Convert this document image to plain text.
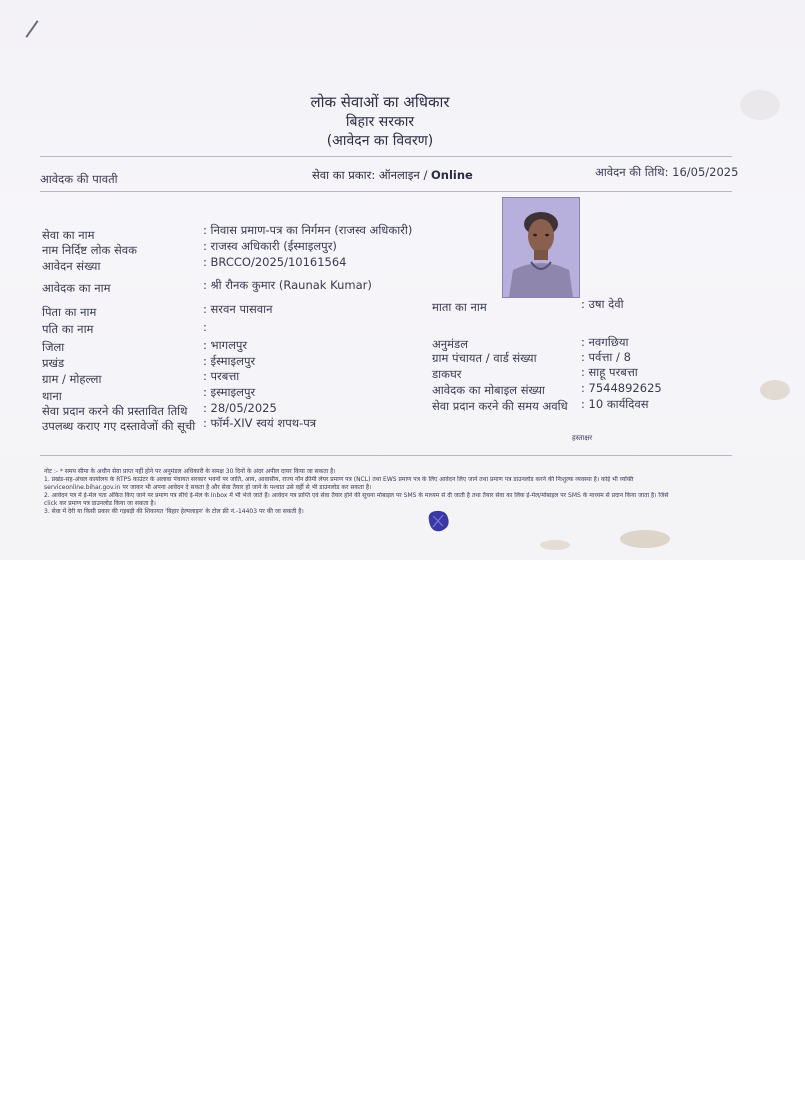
लोक सेवाओं का अधिकार
बिहार सरकार
(आवेदन का विवरण)
आवेदक की पावती	सेवा का प्रकार: ऑनलाइन / Online	आवेदन की तिथि: 16/05/2025
सेवा का नाम	: निवास प्रमाण-पत्र का निर्गमन (राजस्व अधिकारी)
नाम निर्दिष्ट लोक सेवक	: राजस्व अधिकारी (ईस्माइलपुर)
आवेदन संख्या	: BRCCO/2025/10161564
आवेदक का नाम	: श्री रौनक कुमार (Raunak Kumar)
पिता का नाम	: सरवन पासवान
पति का नाम	:
जिला	: भागलपुर
प्रखंड	: ईस्माइलपुर
ग्राम / मोहल्ला	: परबत्ता
थाना	: इस्माइलपुर
सेवा प्रदान करने की प्रस्तावित तिथि : 28/05/2025
उपलब्ध कराए गए दस्तावेजों की सूची : फॉर्म-XIV स्वयं शपथ-पत्र
माता का नाम	: उषा देवी
अनुमंडल	: नवगछिया
ग्राम पंचायत / वार्ड संख्या	: पर्वत्ता / 8
डाकघर	: साहू परबत्ता
आवेदक का मोबाइल संख्या	: 7544892625
सेवा प्रदान करने की समय अवधि : 10 कार्यदिवस
हस्ताक्षर
नोट :- * समय सीमा के अधीन सेवा प्राप्त नहीं होने पर अनुमंडल अधिकारी के समक्ष 30 दिनों के अंदर अपील दायर किया जा सकता है।
1. प्रखंड-सह-अंचल कार्यालय के RTPS काउंटर के अलावा पंचायत सरकार भवनों पर जाति, आय, आवासीय, राज्य नॉन क्रीमी लेयर प्रमाण पत्र (NCL) तथा EWS प्रमाण पत्र के लिए आवेदन लिए जाने तथा प्रमाण पत्र डाउनलोड करने की निःशुल्क व्यवस्था है। कोई भी व्यक्ति
serviceonline.bihar.gov.in पर जाकर भी अपना आवेदन दे सकता है और सेवा तैयार हो जाने के पश्चात उसे वहीं से भी डाउनलोड कर सकता है।
2. आवेदन पत्र में ई-मेल पता अंकित किए जाने पर प्रमाण पत्र सीधे ई-मेल के Inbox में भी भेजे जाते हैं। आवेदन पत्र प्राप्ति एवं सेवा तैयार होने की सूचना मोबाइल पर SMS के माध्यम से दी जाती है तथा तैयार सेवा का लिंक ई-मेल/मोबाइल पर SMS के माध्यम से प्रदान किया जाता है। जिसे
click कर प्रमाण पत्र डाउनलोड किया जा सकता है।
3. सेवा में देरी या किसी प्रकार की गड़बड़ी की शिकायत 'बिहार हेल्पलाइन' के टोल फ्री नं.-14403 पर की जा सकती है।
